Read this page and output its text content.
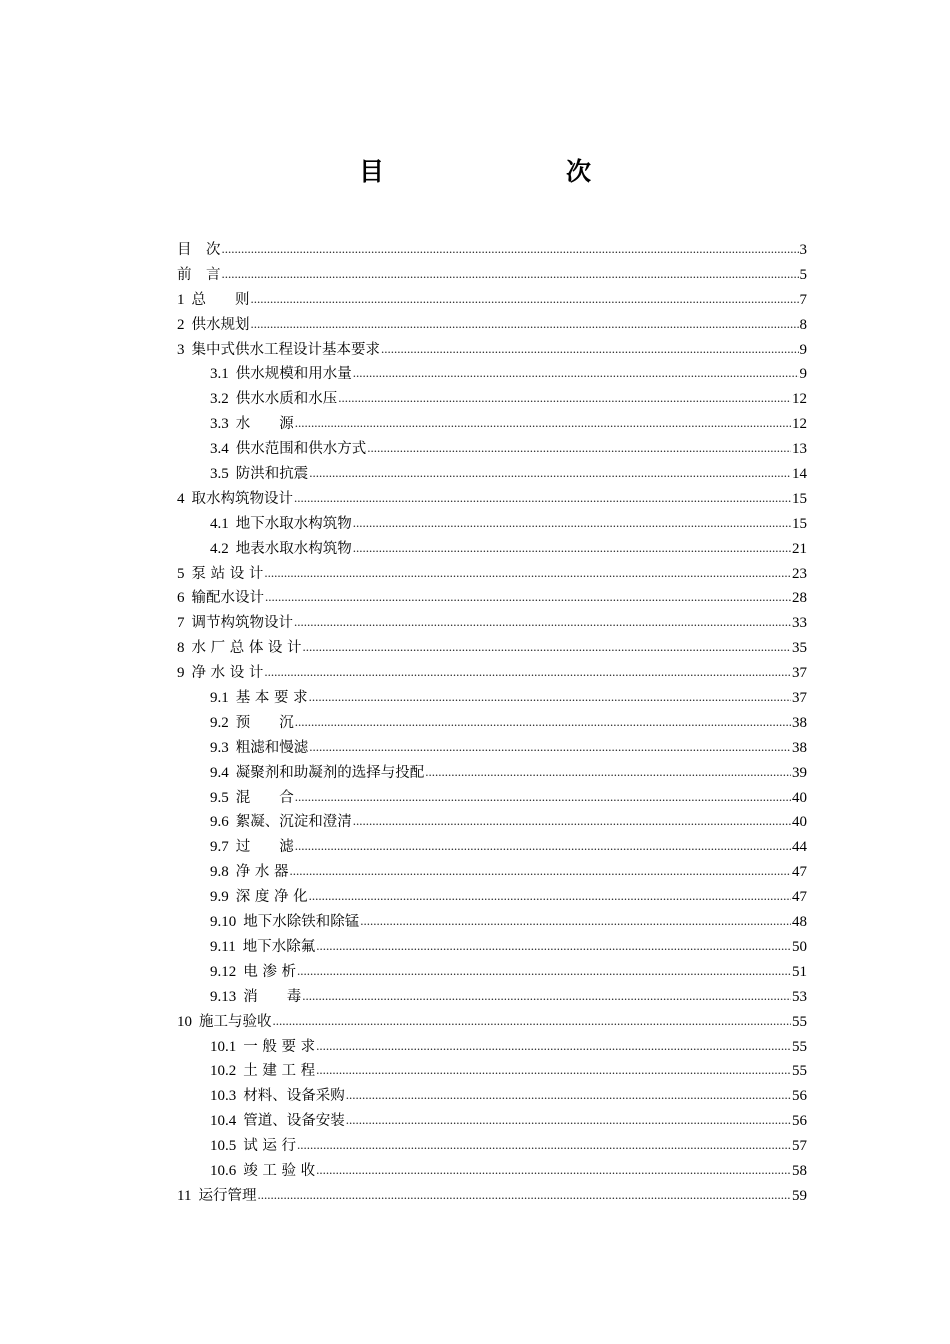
目　　次
目　次 .....	3
前　言 .....	5
1 总　　则 .....	7
2 供水规划 .....	8
3 集中式供水工程设计基本要求 .....	9
3.1 供水规模和用水量 .....	9
3.2 供水水质和水压 .....	12
3.3 水　　源 .....	12
3.4 供水范围和供水方式 .....	13
3.5 防洪和抗震 .....	14
4 取水构筑物设计 .....	15
4.1 地下水取水构筑物 .....	15
4.2 地表水取水构筑物 .....	21
5 泵 站 设 计 .....	23
6 输配水设计 .....	28
7 调节构筑物设计 .....	33
8 水 厂 总 体 设 计 .....	35
9 净 水 设 计 .....	37
9.1 基 本 要 求 .....	37
9.2 预　　沉 .....	38
9.3 粗滤和慢滤 .....	38
9.4 凝聚剂和助凝剂的选择与投配 .....	39
9.5 混　　合 .....	40
9.6 絮凝、沉淀和澄清 .....	40
9.7 过　　滤 .....	44
9.8 净 水 器 .....	47
9.9 深 度 净 化 .....	47
9.10 地下水除铁和除锰 .....	48
9.11 地下水除氟 .....	50
9.12 电 渗 析 .....	51
9.13 消　　毒 .....	53
10 施工与验收 .....	55
10.1 一 般 要 求 .....	55
10.2 土 建 工 程 .....	55
10.3 材料、设备采购 .....	56
10.4 管道、设备安装 .....	56
10.5 试 运 行 .....	57
10.6 竣 工 验 收 .....	58
11 运行管理 .....	59
